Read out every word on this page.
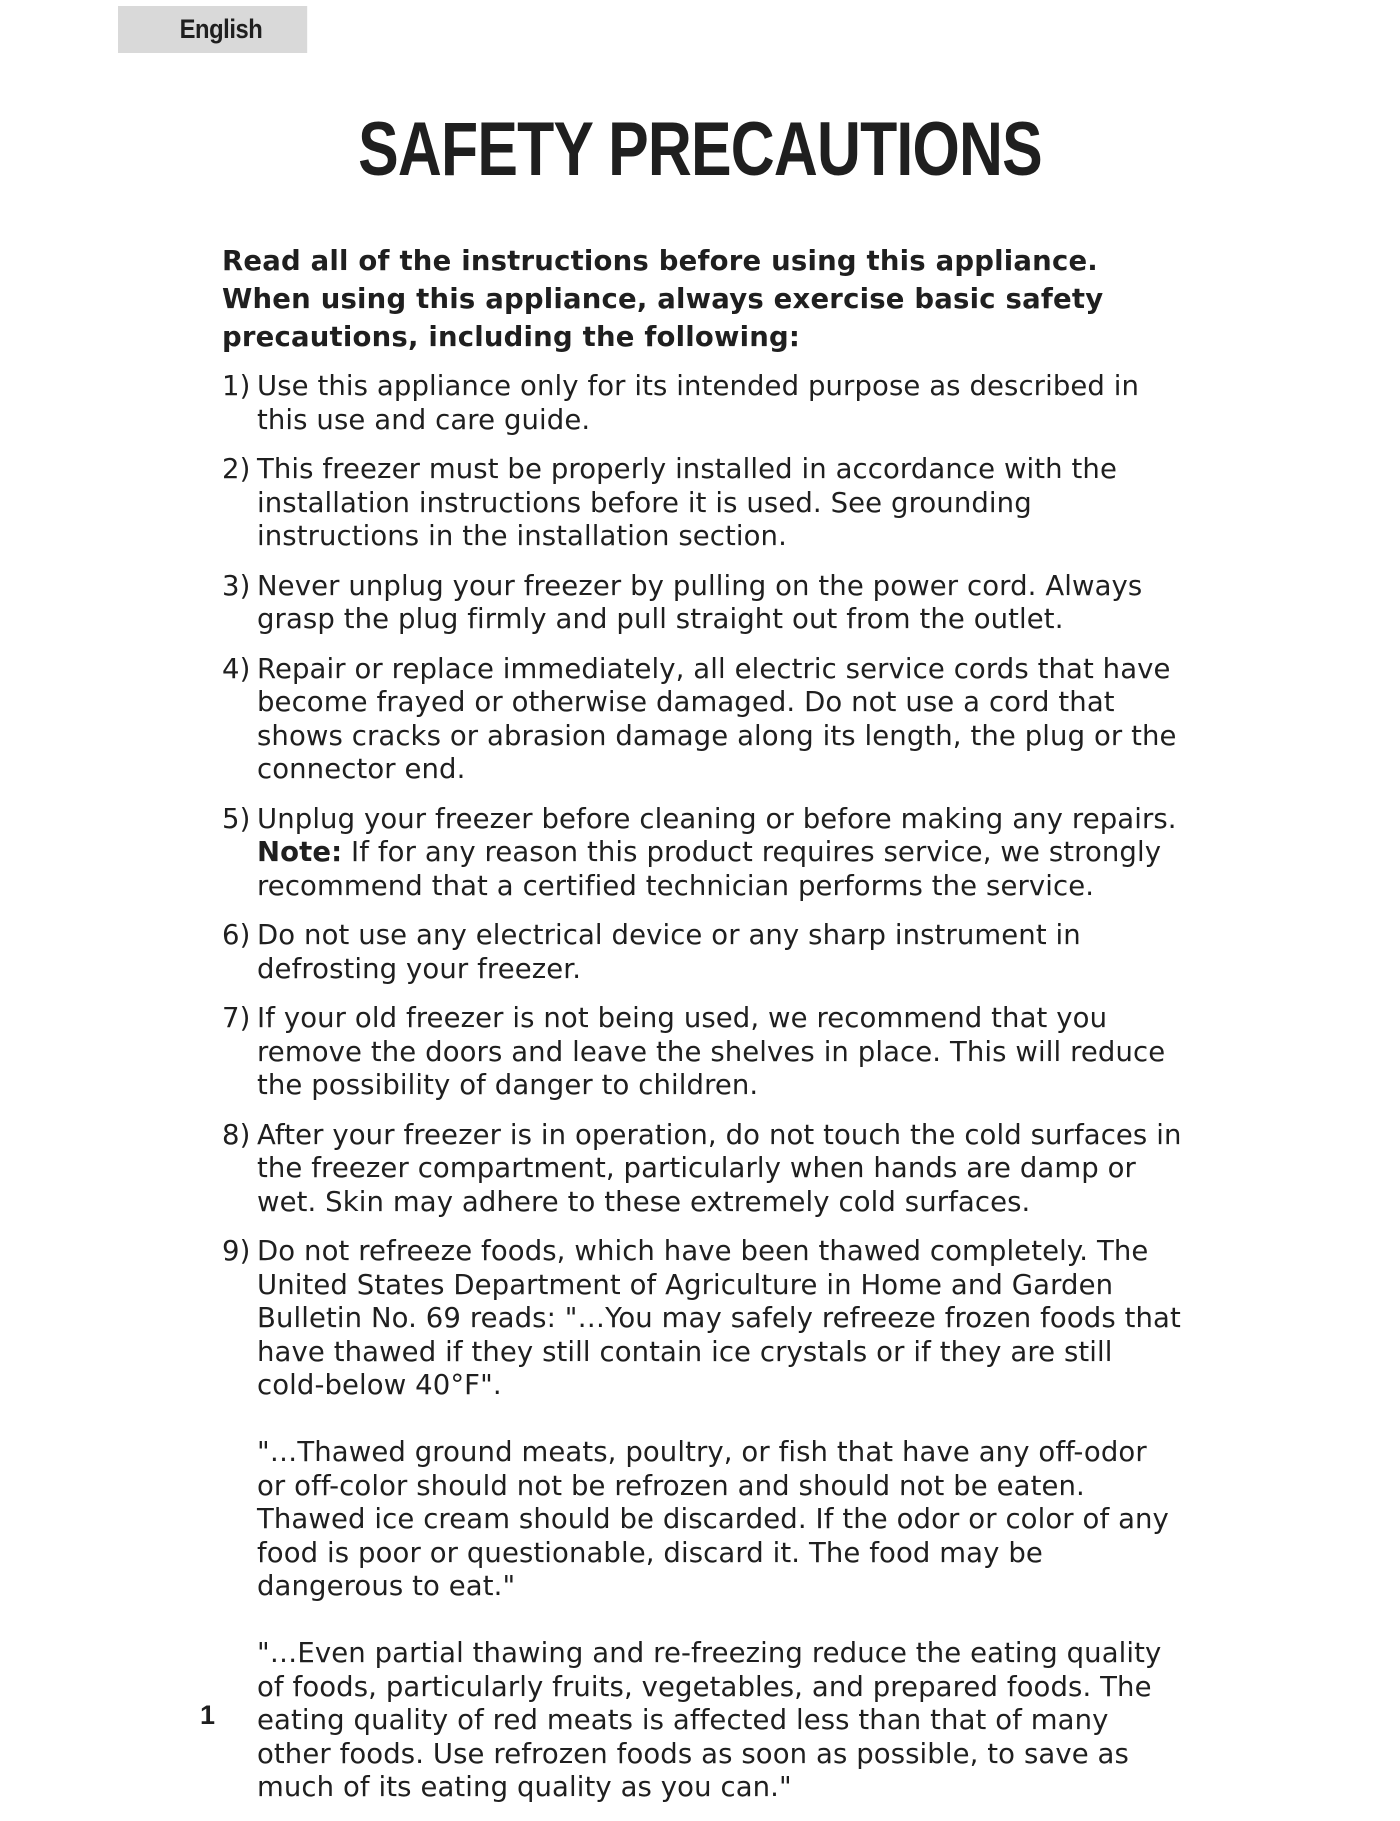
English
SAFETY PRECAUTIONS

Read all of the instructions before using this appliance. When using this appliance, always exercise basic safety precautions, including the following:

1) Use this appliance only for its intended purpose as described in this use and care guide.
2) This freezer must be properly installed in accordance with the installation instructions before it is used. See grounding instructions in the installation section.
3) Never unplug your freezer by pulling on the power cord. Always grasp the plug firmly and pull straight out from the outlet.
4) Repair or replace immediately, all electric service cords that have become frayed or otherwise damaged. Do not use a cord that shows cracks or abrasion damage along its length, the plug or the connector end.
5) Unplug your freezer before cleaning or before making any repairs.
Note: If for any reason this product requires service, we strongly recommend that a certified technician performs the service.
6) Do not use any electrical device or any sharp instrument in defrosting your freezer.
7) If your old freezer is not being used, we recommend that you remove the doors and leave the shelves in place. This will reduce the possibility of danger to children.
8) After your freezer is in operation, do not touch the cold surfaces in the freezer compartment, particularly when hands are damp or wet. Skin may adhere to these extremely cold surfaces.
9) Do not refreeze foods, which have been thawed completely. The United States Department of Agriculture in Home and Garden Bulletin No. 69 reads: "…You may safely refreeze frozen foods that have thawed if they still contain ice crystals or if they are still cold-below 40°F".

"…Thawed ground meats, poultry, or fish that have any off-odor or off-color should not be refrozen and should not be eaten. Thawed ice cream should be discarded. If the odor or color of any food is poor or questionable, discard it. The food may be dangerous to eat."

"…Even partial thawing and re-freezing reduce the eating quality of foods, particularly fruits, vegetables, and prepared foods. The eating quality of red meats is affected less than that of many other foods. Use refrozen foods as soon as possible, to save as much of its eating quality as you can."

1
